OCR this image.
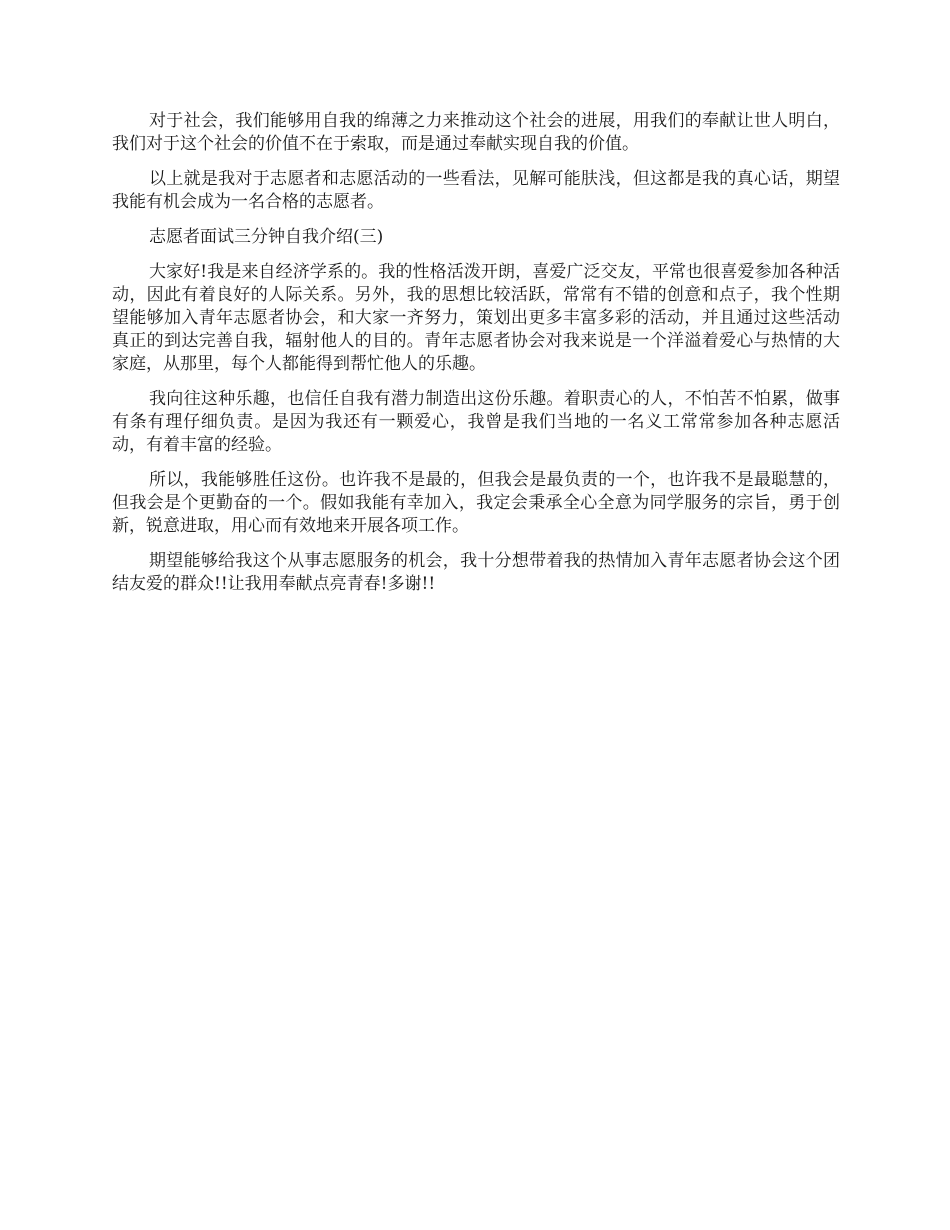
对于社会，我们能够用自我的绵薄之力来推动这个社会的进展，用我们的奉献让世人明白，我们对于这个社会的价值不在于索取，而是通过奉献实现自我的价值。

以上就是我对于志愿者和志愿活动的一些看法，见解可能肤浅，但这都是我的真心话，期望我能有机会成为一名合格的志愿者。

志愿者面试三分钟自我介绍(三)

大家好!我是来自经济学系的。我的性格活泼开朗，喜爱广泛交友，平常也很喜爱参加各种活动，因此有着良好的人际关系。另外，我的思想比较活跃，常常有不错的创意和点子，我个性期望能够加入青年志愿者协会，和大家一齐努力，策划出更多丰富多彩的活动，并且通过这些活动真正的到达完善自我，辐射他人的目的。青年志愿者协会对我来说是一个洋溢着爱心与热情的大家庭，从那里，每个人都能得到帮忙他人的乐趣。

我向往这种乐趣，也信任自我有潜力制造出这份乐趣。着职责心的人，不怕苦不怕累，做事有条有理仔细负责。是因为我还有一颗爱心，我曾是我们当地的一名义工常常参加各种志愿活动，有着丰富的经验。

所以，我能够胜任这份。也许我不是最的，但我会是最负责的一个，也许我不是最聪慧的，但我会是个更勤奋的一个。假如我能有幸加入，我定会秉承全心全意为同学服务的宗旨，勇于创新，锐意进取，用心而有效地来开展各项工作。

期望能够给我这个从事志愿服务的机会，我十分想带着我的热情加入青年志愿者协会这个团结友爱的群众!!让我用奉献点亮青春!多谢!!
